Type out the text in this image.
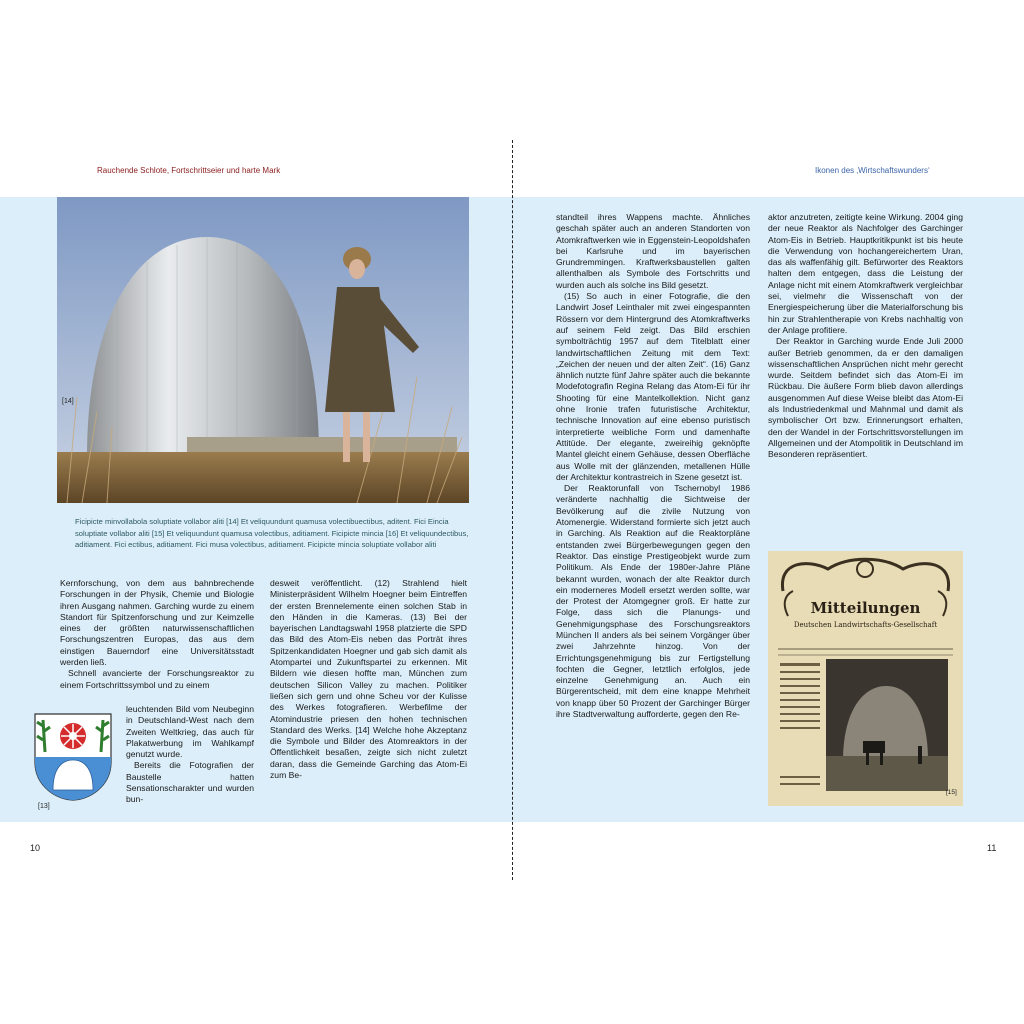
Rauchende Schlote, Fortschrittseier und harte Mark	Ikonen des ‚Wirtschaftswunders‘
[14]
Ficipicte minvollabola soluptiate vollabor aliti [14] Et veliquundunt quamusa volectibuectibus, aditent. Fici Eincia soluptiate vollabor aliti [15] Et veliquundunt quamusa volectibus, aditiament. Ficipicte mincia [16] Et veliquundectibus, aditiament. Fici ectibus, aditiament. Fici musa volectibus, aditiament. Ficipicte mincia soluptiate vollabor aliti

Kernforschung, von dem aus bahnbrechende Forschungen in der Physik, Chemie und Biologie ihren Ausgang nahmen. Garching wurde zu einem Standort für Spitzenforschung und zur Keimzelle eines der größten naturwissenschaftlichen Forschungszentren Europas, das aus dem einstigen Bauerndorf eine Universitätsstadt werden ließ.

Schnell avancierte der Forschungsreaktor zu einem Fortschrittssymbol und zu einem

leuchtenden Bild vom Neubeginn in Deutschland-West nach dem Zweiten Weltkrieg, das auch für Plakatwerbung im Wahlkampf genutzt wurde.

Bereits die Fotografien der Baustelle hatten Sensationscharakter und wurden bun-

[13]

desweit veröffentlicht. (12) Strahlend hielt Ministerpräsident Wilhelm Hoegner beim Eintreffen der ersten Brennelemente einen solchen Stab in den Händen in die Kameras. (13) Bei der bayerischen Landtagswahl 1958 platzierte die SPD das Bild des Atom-Eis neben das Porträt ihres Spitzenkandidaten Hoegner und gab sich damit als Atompartei und Zukunftspartei zu erkennen. Mit Bildern wie diesen hoffte man, München zum deutschen Silicon Valley zu machen. Politiker ließen sich gern und ohne Scheu vor der Kulisse des Werkes fotografieren. Werbefilme der Atomindustrie priesen den hohen technischen Standard des Werks. [14] Welche hohe Akzeptanz die Symbole und Bilder des Atomreaktors in der Öffentlichkeit besaßen, zeigte sich nicht zuletzt daran, dass die Gemeinde Garching das Atom-Ei zum Be-

standteil ihres Wappens machte. Ähnliches geschah später auch an anderen Standorten von Atomkraftwerken wie in Eggenstein-Leopoldshafen bei Karlsruhe und im bayerischen Grundremmingen. Kraftwerksbaustellen galten allenthalben als Symbole des Fortschritts und wurden auch als solche ins Bild gesetzt.

(15) So auch in einer Fotografie, die den Landwirt Josef Leinthaler mit zwei eingespannten Rössern vor dem Hintergrund des Atomkraftwerks auf seinem Feld zeigt. Das Bild erschien symbolträchtig 1957 auf dem Titelblatt einer landwirtschaftlichen Zeitung mit dem Text: „Zeichen der neuen und der alten Zeit“. (16) Ganz ähnlich nutzte fünf Jahre später auch die bekannte Modefotografin Regina Relang das Atom-Ei für ihr Shooting für eine Mantelkollektion. Nicht ganz ohne Ironie trafen futuristische Architektur, technische Innovation auf eine ebenso puristisch interpretierte weibliche Form und damenhafte Attitüde. Der elegante, zweireihig geknöpfte Mantel gleicht einem Gehäuse, dessen Oberfläche aus Wolle mit der glänzenden, metallenen Hülle der Architektur kontrastreich in Szene gesetzt ist.

Der Reaktorunfall von Tschernobyl 1986 veränderte nachhaltig die Sichtweise der Bevölkerung auf die zivile Nutzung von Atomenergie. Widerstand formierte sich jetzt auch in Garching. Als Reaktion auf die Reaktorpläne entstanden zwei Bürgerbewegungen gegen den Reaktor. Das einstige Prestigeobjekt wurde zum Politikum. Als Ende der 1980er-Jahre Pläne bekannt wurden, wonach der alte Reaktor durch ein moderneres Modell ersetzt werden sollte, war der Protest der Atomgegner groß. Er hatte zur Folge, dass sich die Planungs- und Genehmigungsphase des Forschungsreaktors München II anders als bei seinem Vorgänger über zwei Jahrzehnte hinzog. Von der Errichtungsgenehmigung bis zur Fertigstellung fochten die Gegner, letztlich erfolglos, jede einzelne Genehmigung an. Auch ein Bürgerentscheid, mit dem eine knappe Mehrheit von knapp über 50 Prozent der Garchinger Bürger ihre Stadtverwaltung aufforderte, gegen den Re-

aktor anzutreten, zeitigte keine Wirkung. 2004 ging der neue Reaktor als Nachfolger des Garchinger Atom-Eis in Betrieb. Hauptkritikpunkt ist bis heute die Verwendung von hochangereichertem Uran, das als waffenfähig gilt. Befürworter des Reaktors halten dem entgegen, dass die Leistung der Anlage nicht mit einem Atomkraftwerk vergleichbar sei, vielmehr die Wissenschaft von der Energiespeicherung über die Materialforschung bis hin zur Strahlentherapie von Krebs nachhaltig von der Anlage profitiere.

Der Reaktor in Garching wurde Ende Juli 2000 außer Betrieb genommen, da er den damaligen wissenschaftlichen Ansprüchen nicht mehr gerecht wurde. Seitdem befindet sich das Atom-Ei im Rückbau. Die äußere Form blieb davon allerdings ausgenommen Auf diese Weise bleibt das Atom-Ei als Industriedenkmal und Mahnmal und damit als symbolischer Ort bzw. Erinnerungsort erhalten, den der Wandel in der Fortschrittsvorstellungen im Allgemeinen und der Atompolitik in Deutschland im Besonderen repräsentiert.

Mitteilungen
Deutschen Landwirtschafts-Gesellschaft
[15]
10	11
